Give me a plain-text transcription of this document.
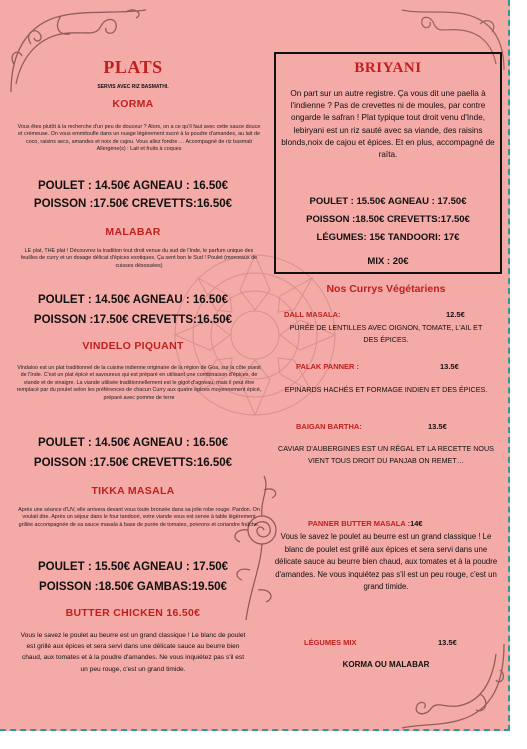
PLATS
SERVIS AVEC RIZ BASMATHI.
KORMA
Vous êtes plutôt à la recherche d'un peu de douceur ? Alors, on a ce qu'il faut avec cette sauce douce et crémeuse. On vous emmitoufle dans un nuage légèrement sucré à la poudre d'amandes, au lait de coco, raisins secs, amandes et noix de cajou. Vous allez fondre … Accompagné de riz basmati Allergène(s) : Lait et fruits à coques
POULET : 14.50€ AGNEAU : 16.50€
POISSON :17.50€ CREVETTS:16.50€
MALABAR
LE plat, THE plat ! Découvrez la tradition tout droit venue du sud de l'Inde, le parfum unique des feuilles de curry et un dosage délicat d'épices exotiques. Ça sent bon le Sud ! Poulet (morceaux de cuisses désossées)
POULET : 14.50€ AGNEAU : 16.50€
POISSON :17.50€ CREVETTS:16.50€
VINDELO PIQUANT
Vindaloo est un plat traditionnel de la cuisine indienne originaire de la région de Goa, sur la côte ouest de l'Inde. C'est un plat épicé et savoureux qui est préparé en utilisant une combinaison d'épices, de viande et de vinaigre. La viande utilisée traditionnellement est le gigot d'agneau, mais il peut être remplacé par du poulet selon les préférences de chacun Curry aux quatre épices moyennement épicé, préparé avec pomme de terre
POULET : 14.50€ AGNEAU : 16.50€
POISSON :17.50€ CREVETTS:16.50€
TIKKA MASALA
Après une séance d'UV, elle arrivera devant vous toute bronzée dans sa jolie robe rouge. Pardon. On voulait dire. Après un séjour dans le four tandoori, votre viande vous est servie à table légèrement grillée accompagnée de sa sauce masala à base de purée de tomates, poivrons et coriandre fraîche.
POULET : 15.50€ AGNEAU : 17.50€
POISSON :18.50€ GAMBAS:19.50€
BUTTER CHICKEN 16.50€
Vous le savez le poulet au beurre est un grand classique ! Le blanc de poulet est grillé aux épices et sera servi dans une délicate sauce au beurre bien chaud, aux tomates et à la poudre d'amandes. Ne vous inquiétez pas s'il est un peu rouge, c'est un grand timide.
BRIYANI
On part sur un autre registre. Ça vous dit une paella à l'indienne ? Pas de crevettes ni de moules, par contre ongarde le safran ! Plat typique tout droit venu d'Inde, lebiryani est un riz sauté avec sa viande, des raisins blonds,noix de cajou et épices. Et en plus, accompagné de raïta.
POULET : 15.50€ AGNEAU : 17.50€
POISSON :18.50€ CREVETTS:17.50€
LÉGUMES: 15€ TANDOORI: 17€
MIX : 20€
Nos Currys Végétariens
DALL MASALA:	12.5€
PURÉE DE LENTILLES AVEC OIGNON, TOMATE, L'AIL ET DES ÉPICES.
PALAK PANNER :	13.5€
EPINARDS HACHÉS ET FORMAGE INDIEN ET DES ÉPICES.
BAIGAN BARTHA:	13.5€
CAVIAR D'AUBERGINES EST UN RÉGAL ET LA RECETTE NOUS VIENT TOUS DROIT DU PANJAB ON REMET…
PANNER BUTTER MASALA :14€
Vous le savez le poulet au beurre est un grand classique ! Le blanc de poulet est grillé aux épices et sera servi dans une délicate sauce au beurre bien chaud, aux tomates et à la poudre d'amandes. Ne vous inquiétez pas s'il est un peu rouge, c'est un grand timide.
LÉGUMES MIX	13.5€
KORMA OU MALABAR
